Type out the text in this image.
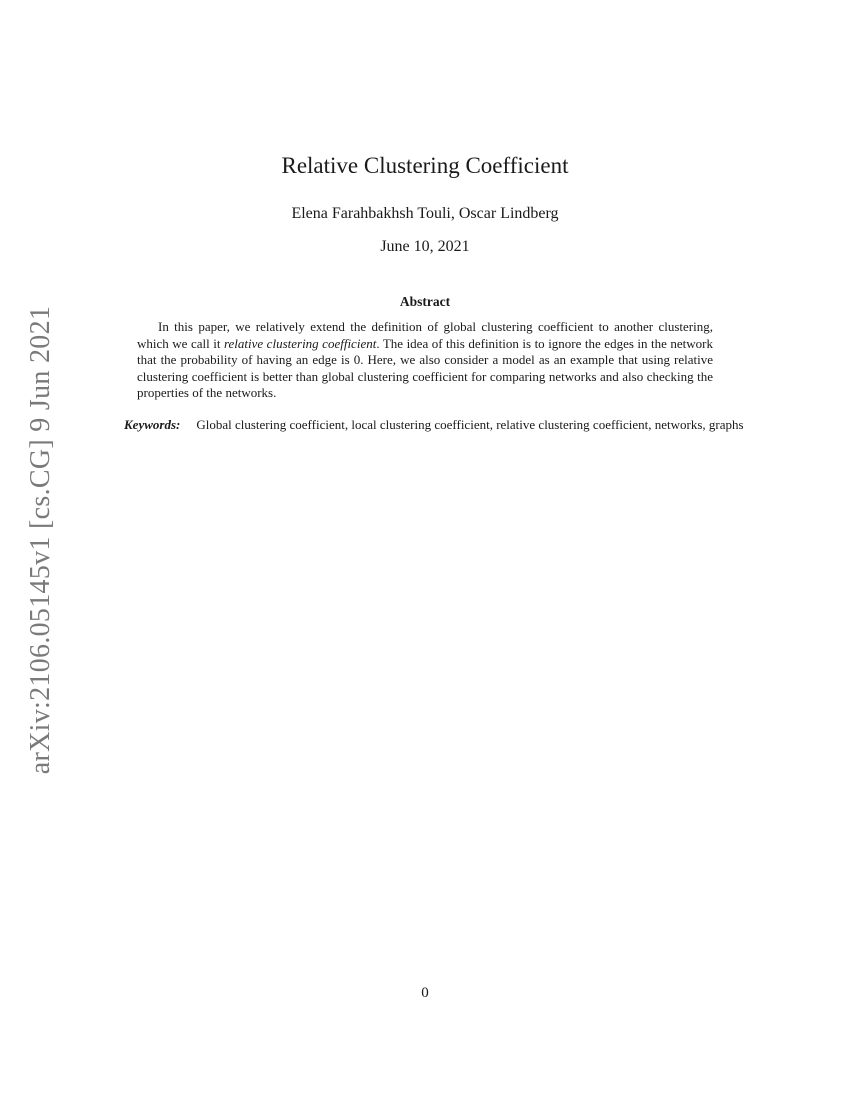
arXiv:2106.05145v1 [cs.CG] 9 Jun 2021
Relative Clustering Coefficient
Elena Farahbakhsh Touli, Oscar Lindberg
June 10, 2021
Abstract

In this paper, we relatively extend the definition of global clustering coefficient to another clustering, which we call it relative clustering coefficient. The idea of this definition is to ignore the edges in the network that the probability of having an edge is 0. Here, we also consider a model as an example that using relative clustering coefficient is better than global clustering coefficient for comparing networks and also checking the properties of the networks.

Keywords: Global clustering coefficient, local clustering coefficient, relative clustering coefficient, networks, graphs

0
